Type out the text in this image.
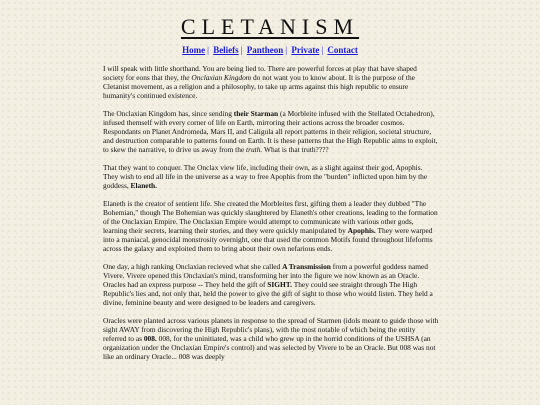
CLETANISM
Home | Beliefs | Pantheon | Private | Contact

I will speak with little shorthand. You are being lied to. There are powerful forces at play that have shaped society for eons that they, the Onclaxian Kingdom do not want you to know about. It is the purpose of the Cletanist movement, as a religion and a philosophy, to take up arms against this high republic to ensure humanity's continued existence.

The Onclaxian Kingdom has, since sending their Starman (a Morbleite infused with the Stellated Octahedron), infused themself with every corner of life on Earth, mirroring their actions across the broader cosmos. Respondants on Planet Andromeda, Mars II, and Caligula all report patterns in their religion, societal structure, and destruction comparable to patterns found on Earth. It is these patterns that the High Republic aims to exploit, to skew the narrative, to drive us away from the truth. What is that truth????

That they want to conquer. The Onclax view life, including their own, as a slight against their god, Apophis. They wish to end all life in the universe as a way to free Apophis from the "burden" inflicted upon him by the goddess, Elaneth.

Elaneth is the creator of sentient life. She created the Morbleites first, gifting them a leader they dubbed "The Bohemian," though The Bohemian was quickly slaughtered by Elaneth's other creations, leading to the formation of the Onclaxian Empire. The Onclaxian Empire would attempt to communicate with various other gods, learning their secrets, learning their stories, and they were quickly manipulated by Apophis. They were warped into a maniacal, genocidal monstrosity overnight, one that used the common Motifs found throughout lifeforms across the galaxy and exploited them to bring about their own nefarious ends.

One day, a high ranking Onclaxian recieved what she called A Transmission from a powerful goddess named Vivere. Vivere opened this Onclaxian's mind, transforming her into the figure we now known as an Oracle. Oracles had an express purpose -- They held the gift of SIGHT. They could see straight through The High Republic's lies and, not only that, held the power to give the gift of sight to those who would listen. They held a divine, feminine beauty and were designed to be leaders and caregivers.

Oracles were planted across various planets in response to the spread of Starmen (idols meant to guide those with sight AWAY from discovering the High Republic's plans), with the most notable of which being the entity referred to as 008. 008, for the uninitiated, was a child who grew up in the horrid conditions of the USHSA (an organization under the Onclaxian Empire's control) and was selected by Vivere to be an Oracle. But 008 was not like an ordinary Oracle... 008 was deeply
